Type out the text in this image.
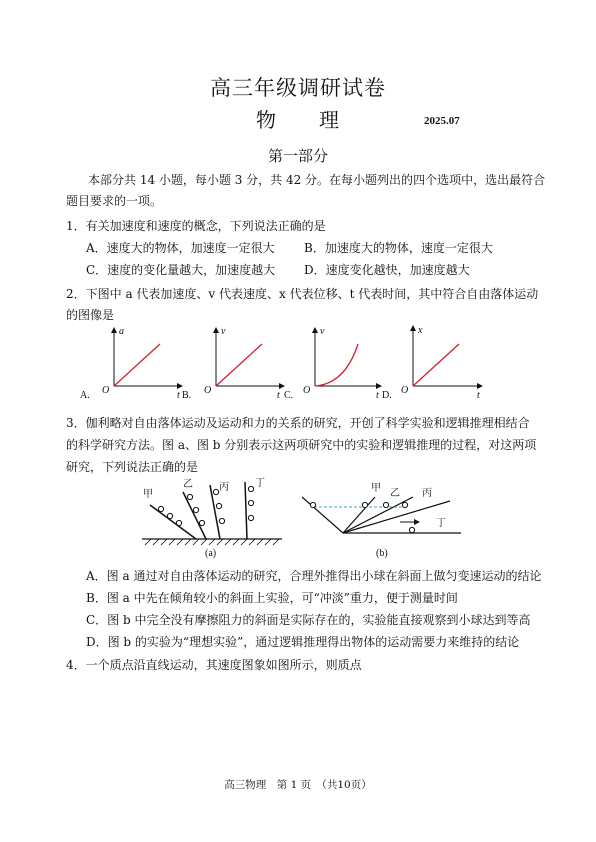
高三年级调研试卷
物　　理	2025.07
第一部分
本部分共 14 小题，每小题 3 分，共 42 分。在每小题列出的四个选项中，选出最符合
题目要求的一项。
1．有关加速度和速度的概念，下列说法正确的是
A．速度大的物体，加速度一定很大 B．加速度大的物体，速度一定很大
C．速度的变化量越大，加速度越大 D．速度变化越快，加速度越大
2．下图中 a 代表加速度、v 代表速度、x 代表位移、t 代表时间，其中符合自由落体运动
的图像是
a
O	t
A.
v
O	t
B.
v
O	t
C.
x
O	t
D.
甲
乙	丙	丁
(a)
甲 乙 丙
丁
(b)
3．伽利略对自由落体运动及运动和力的关系的研究，开创了科学实验和逻辑推理相结合
的科学研究方法。图 a、图 b 分别表示这两项研究中的实验和逻辑推理的过程，对这两项
研究，下列说法正确的是
A．图 a 通过对自由落体运动的研究，合理外推得出小球在斜面上做匀变速运动的结论
B．图 a 中先在倾角较小的斜面上实验，可“冲淡”重力，便于测量时间
C．图 b 中完全没有摩擦阻力的斜面是实际存在的，实验能直接观察到小球达到等高
D．图 b 的实验为“理想实验”，通过逻辑推理得出物体的运动需要力来维持的结论
4．一个质点沿直线运动，其速度图象如图所示，则质点
高三物理　第 1 页　（共10页）
